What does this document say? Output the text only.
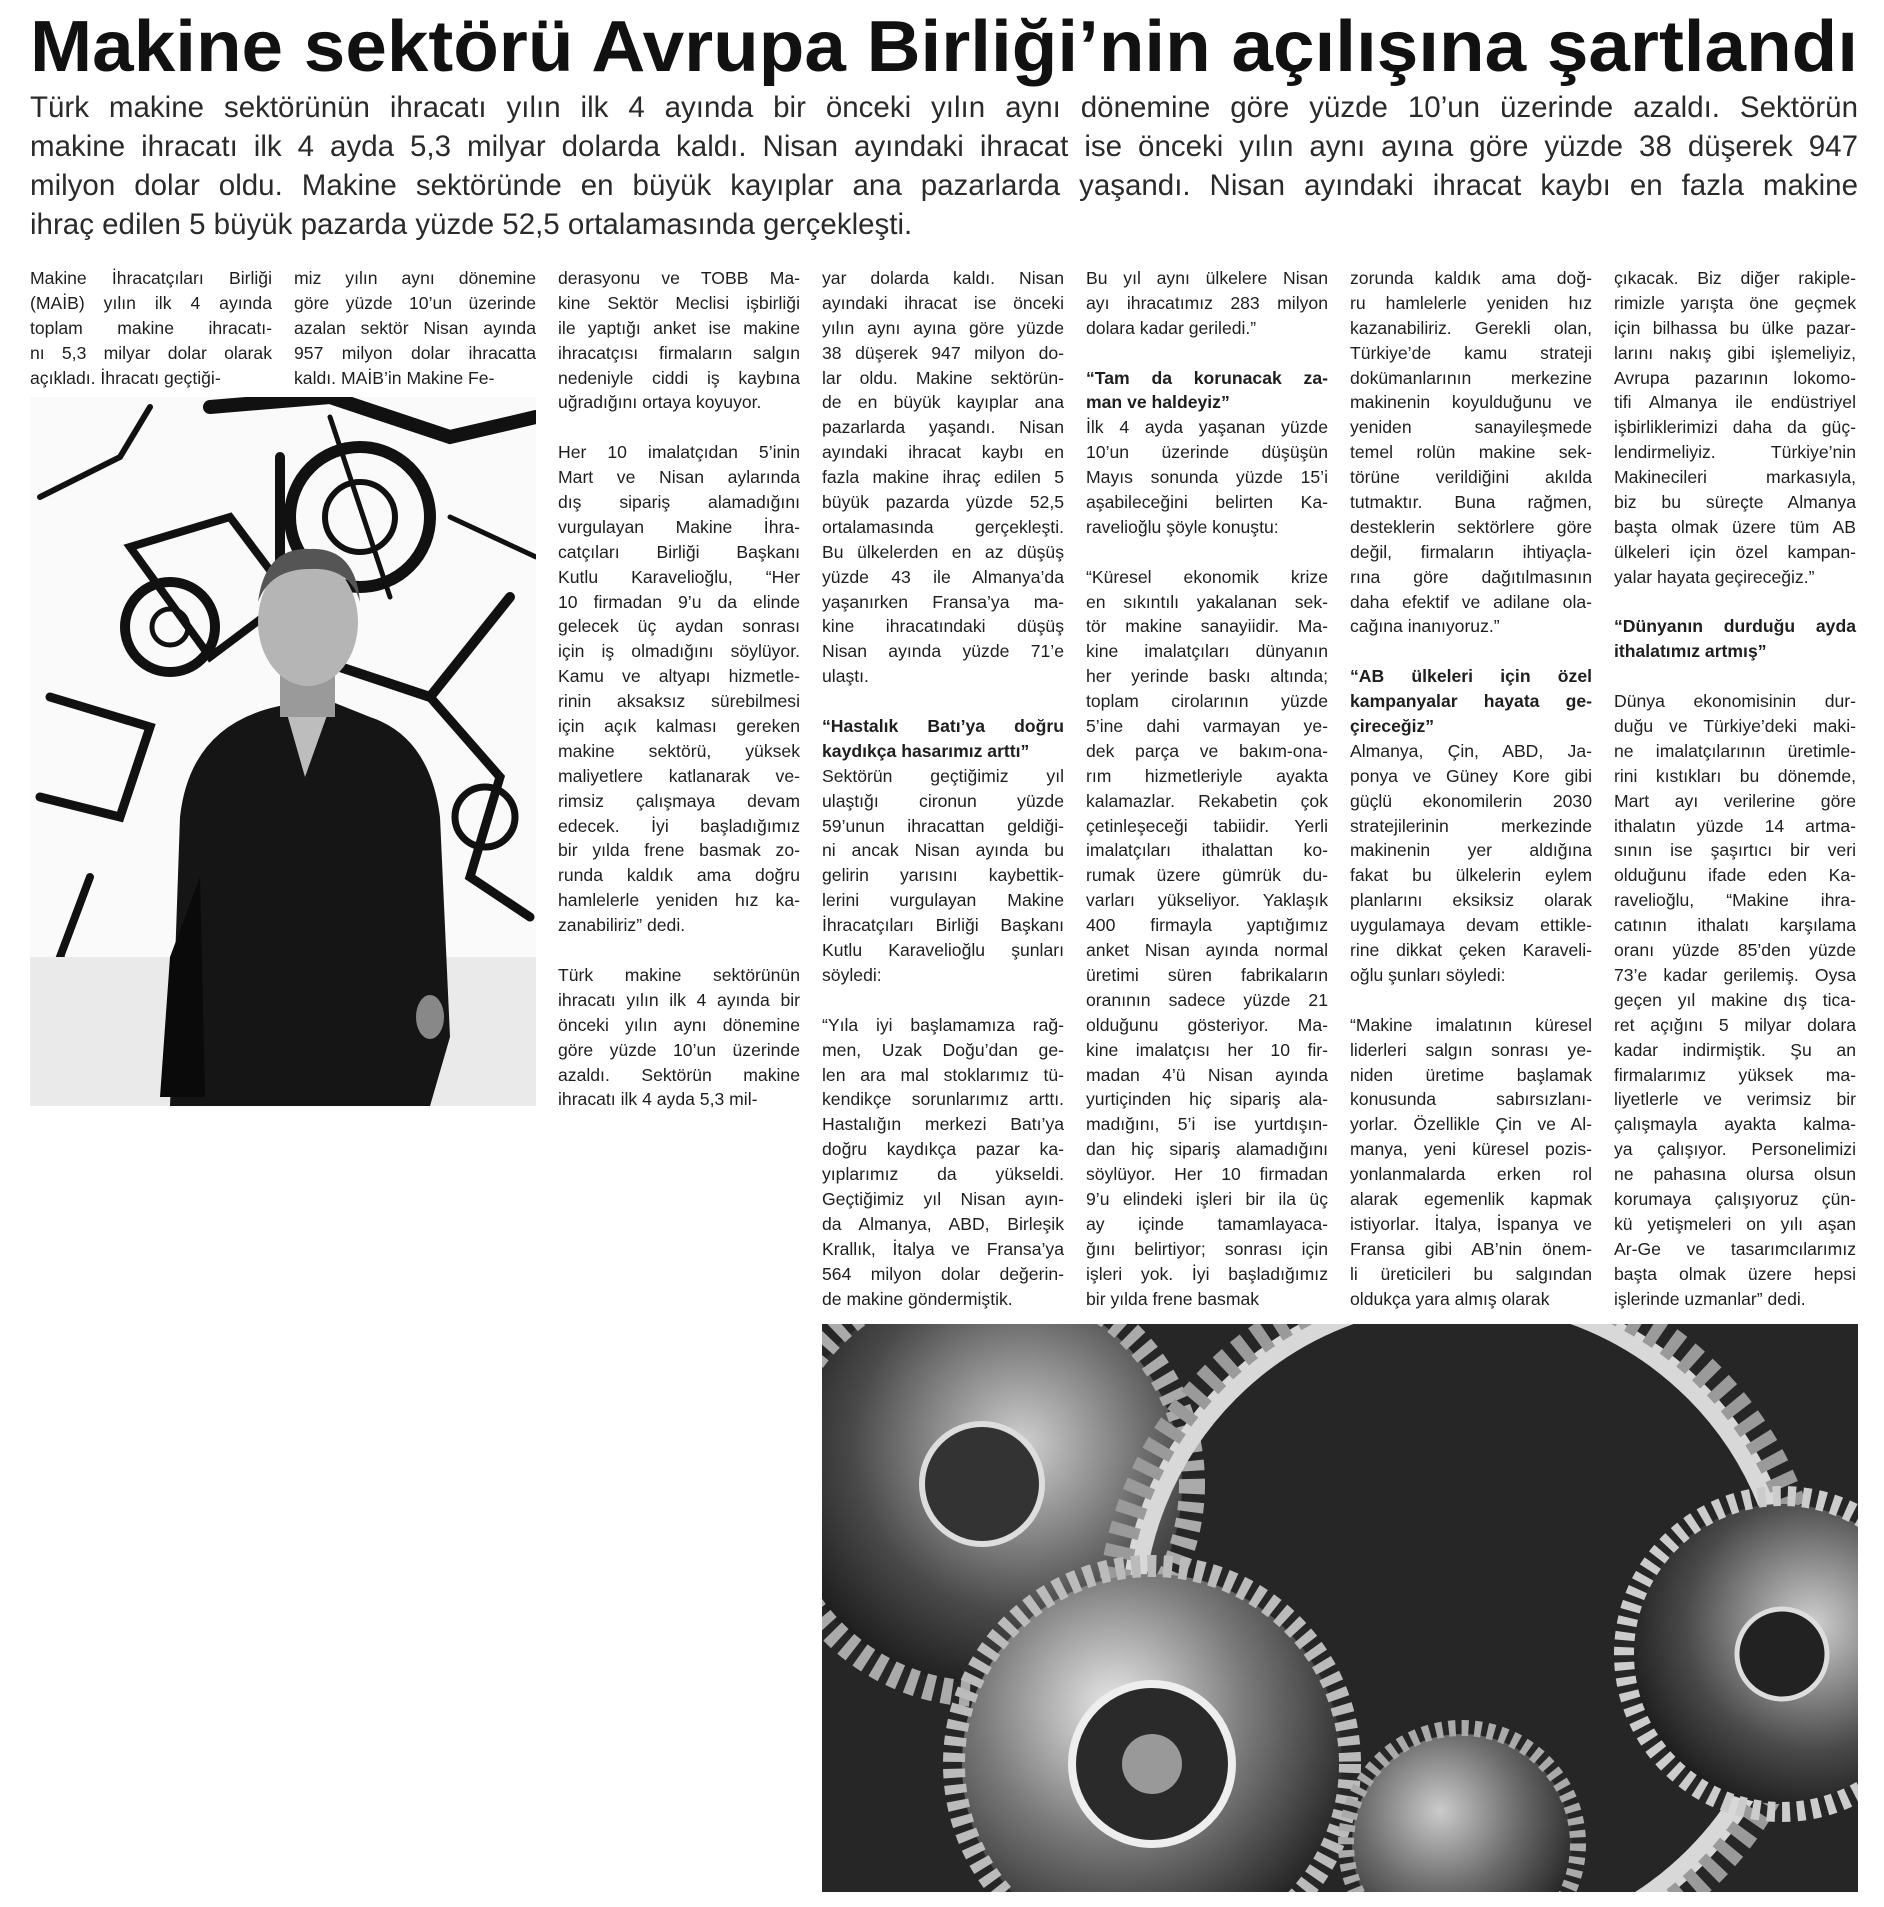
Makine sektörü Avrupa Birliği’nin açılışına şartlandı
Türk makine sektörünün ihracatı yılın ilk 4 ayında bir önceki yılın aynı dönemine göre yüzde 10’un üzerinde azaldı. Sektörün
makine ihracatı ilk 4 ayda 5,3 milyar dolarda kaldı. Nisan ayındaki ihracat ise önceki yılın aynı ayına göre yüzde 38 düşerek 947
milyon dolar oldu. Makine sektöründe en büyük kayıplar ana pazarlarda yaşandı. Nisan ayındaki ihracat kaybı en fazla makine
ihraç edilen 5 büyük pazarda yüzde 52,5 ortalamasında gerçekleşti.
Makine İhracatçıları Birliği
(MAİB) yılın ilk 4 ayında
toplam makine ihracatı-
nı 5,3 milyar dolar olarak
açıkladı. İhracatı geçtiği-
miz yılın aynı dönemine
göre yüzde 10’un üzerinde
azalan sektör Nisan ayında
957 milyon dolar ihracatta
kaldı. MAİB’in Makine Fe-
derasyonu ve TOBB Ma-
kine Sektör Meclisi işbirliği
ile yaptığı anket ise makine
ihracatçısı firmaların salgın
nedeniyle ciddi iş kaybına
uğradığını ortaya koyuyor.
Her 10 imalatçıdan 5’inin
Mart ve Nisan aylarında
dış sipariş alamadığını
vurgulayan Makine İhra-
catçıları Birliği Başkanı
Kutlu Karavelioğlu, “Her
10 firmadan 9’u da elinde
gelecek üç aydan sonrası
için iş olmadığını söylüyor.
Kamu ve altyapı hizmetle-
rinin aksaksız sürebilmesi
için açık kalması gereken
makine sektörü, yüksek
maliyetlere katlanarak ve-
rimsiz çalışmaya devam
edecek. İyi başladığımız
bir yılda frene basmak zo-
runda kaldık ama doğru
hamlelerle yeniden hız ka-
zanabiliriz” dedi.
Türk makine sektörünün
ihracatı yılın ilk 4 ayında bir
önceki yılın aynı dönemine
göre yüzde 10’un üzerinde
azaldı. Sektörün makine
ihracatı ilk 4 ayda 5,3 mil-
yar dolarda kaldı. Nisan
ayındaki ihracat ise önceki
yılın aynı ayına göre yüzde
38 düşerek 947 milyon do-
lar oldu. Makine sektörün-
de en büyük kayıplar ana
pazarlarda yaşandı. Nisan
ayındaki ihracat kaybı en
fazla makine ihraç edilen 5
büyük pazarda yüzde 52,5
ortalamasında gerçekleşti.
Bu ülkelerden en az düşüş
yüzde 43 ile Almanya’da
yaşanırken Fransa’ya ma-
kine ihracatındaki düşüş
Nisan ayında yüzde 71’e
ulaştı.
“Hastalık Batı’ya doğru
kaydıkça hasarımız arttı”
Sektörün geçtiğimiz yıl
ulaştığı cironun yüzde
59’unun ihracattan geldiği-
ni ancak Nisan ayında bu
gelirin yarısını kaybettik-
lerini vurgulayan Makine
İhracatçıları Birliği Başkanı
Kutlu Karavelioğlu şunları
söyledi:
“Yıla iyi başlamamıza rağ-
men, Uzak Doğu’dan ge-
len ara mal stoklarımız tü-
kendikçe sorunlarımız arttı.
Hastalığın merkezi Batı’ya
doğru kaydıkça pazar ka-
yıplarımız da yükseldi.
Geçtiğimiz yıl Nisan ayın-
da Almanya, ABD, Birleşik
Krallık, İtalya ve Fransa’ya
564 milyon dolar değerin-
de makine göndermiştik.
Bu yıl aynı ülkelere Nisan
ayı ihracatımız 283 milyon
dolara kadar geriledi.”
“Tam da korunacak za-
man ve haldeyiz”
İlk 4 ayda yaşanan yüzde
10’un üzerinde düşüşün
Mayıs sonunda yüzde 15’i
aşabileceğini belirten Ka-
ravelioğlu şöyle konuştu:
“Küresel ekonomik krize
en sıkıntılı yakalanan sek-
tör makine sanayiidir. Ma-
kine imalatçıları dünyanın
her yerinde baskı altında;
toplam cirolarının yüzde
5’ine dahi varmayan ye-
dek parça ve bakım-ona-
rım hizmetleriyle ayakta
kalamazlar. Rekabetin çok
çetinleşeceği tabiidir. Yerli
imalatçıları ithalattan ko-
rumak üzere gümrük du-
varları yükseliyor. Yaklaşık
400 firmayla yaptığımız
anket Nisan ayında normal
üretimi süren fabrikaların
oranının sadece yüzde 21
olduğunu gösteriyor. Ma-
kine imalatçısı her 10 fir-
madan 4’ü Nisan ayında
yurtiçinden hiç sipariş ala-
madığını, 5’i ise yurtdışın-
dan hiç sipariş alamadığını
söylüyor. Her 10 firmadan
9’u elindeki işleri bir ila üç
ay içinde tamamlayaca-
ğını belirtiyor; sonrası için
işleri yok. İyi başladığımız
bir yılda frene basmak
zorunda kaldık ama doğ-
ru hamlelerle yeniden hız
kazanabiliriz. Gerekli olan,
Türkiye’de kamu strateji
dokümanlarının merkezine
makinenin koyulduğunu ve
yeniden sanayileşmede
temel rolün makine sek-
törüne verildiğini akılda
tutmaktır. Buna rağmen,
desteklerin sektörlere göre
değil, firmaların ihtiyaçla-
rına göre dağıtılmasının
daha efektif ve adilane ola-
cağına inanıyoruz.”
“AB ülkeleri için özel
kampanyalar hayata ge-
çireceğiz”
Almanya, Çin, ABD, Ja-
ponya ve Güney Kore gibi
güçlü ekonomilerin 2030
stratejilerinin merkezinde
makinenin yer aldığına
fakat bu ülkelerin eylem
planlarını eksiksiz olarak
uygulamaya devam ettikle-
rine dikkat çeken Karaveli-
oğlu şunları söyledi:
“Makine imalatının küresel
liderleri salgın sonrası ye-
niden üretime başlamak
konusunda sabırsızlanı-
yorlar. Özellikle Çin ve Al-
manya, yeni küresel pozis-
yonlanmalarda erken rol
alarak egemenlik kapmak
istiyorlar. İtalya, İspanya ve
Fransa gibi AB’nin önem-
li üreticileri bu salgından
oldukça yara almış olarak
çıkacak. Biz diğer rakiple-
rimizle yarışta öne geçmek
için bilhassa bu ülke pazar-
larını nakış gibi işlemeliyiz,
Avrupa pazarının lokomo-
tifi Almanya ile endüstriyel
işbirliklerimizi daha da güç-
lendirmeliyiz. Türkiye’nin
Makinecileri markasıyla,
biz bu süreçte Almanya
başta olmak üzere tüm AB
ülkeleri için özel kampan-
yalar hayata geçireceğiz.”
“Dünyanın durduğu ayda
ithalatımız artmış”
Dünya ekonomisinin dur-
duğu ve Türkiye’deki maki-
ne imalatçılarının üretimle-
rini kıstıkları bu dönemde,
Mart ayı verilerine göre
ithalatın yüzde 14 artma-
sının ise şaşırtıcı bir veri
olduğunu ifade eden Ka-
ravelioğlu, “Makine ihra-
catının ithalatı karşılama
oranı yüzde 85’den yüzde
73’e kadar gerilemiş. Oysa
geçen yıl makine dış tica-
ret açığını 5 milyar dolara
kadar indirmiştik. Şu an
firmalarımız yüksek ma-
liyetlerle ve verimsiz bir
çalışmayla ayakta kalma-
ya çalışıyor. Personelimizi
ne pahasına olursa olsun
korumaya çalışıyoruz çün-
kü yetişmeleri on yılı aşan
Ar-Ge ve tasarımcılarımız
başta olmak üzere hepsi
işlerinde uzmanlar” dedi.
